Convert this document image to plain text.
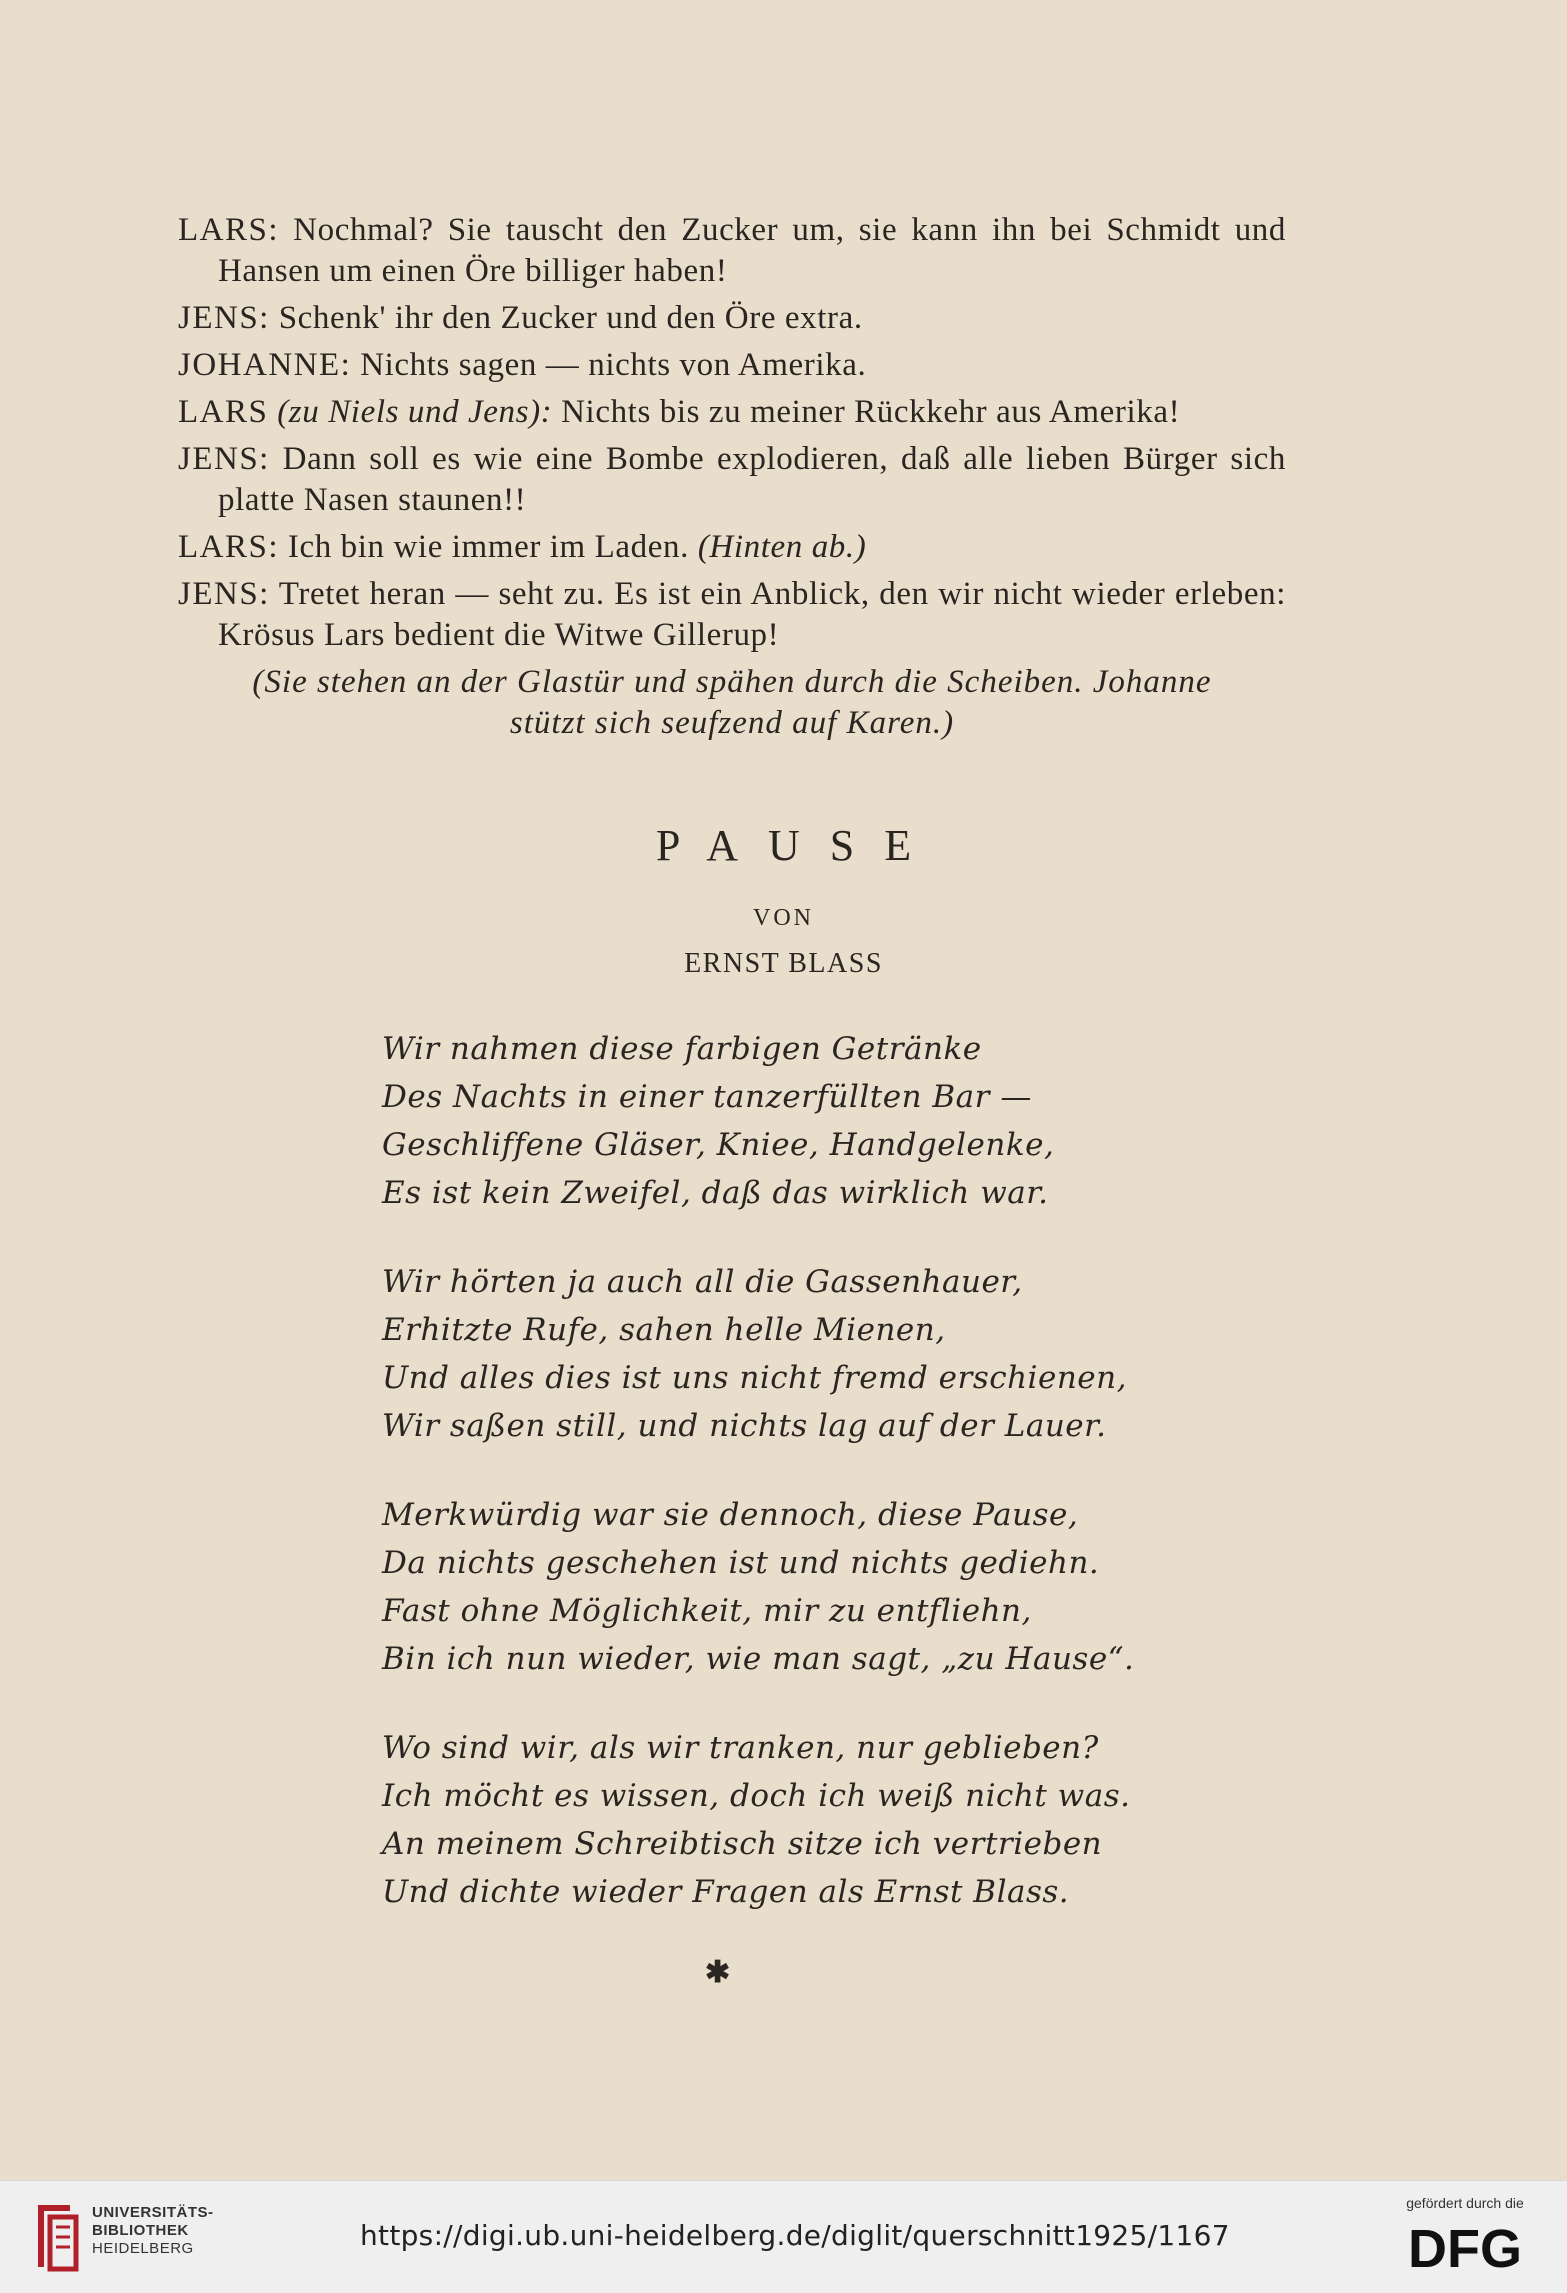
LARS: Nochmal? Sie tauscht den Zucker um, sie kann ihn bei Schmidt und Hansen um einen Öre billiger haben!

JENS: Schenk' ihr den Zucker und den Öre extra.

JOHANNE: Nichts sagen — nichts von Amerika.

LARS (zu Niels und Jens): Nichts bis zu meiner Rückkehr aus Amerika!

JENS: Dann soll es wie eine Bombe explodieren, daß alle lieben Bürger sich platte Nasen staunen!!

LARS: Ich bin wie immer im Laden. (Hinten ab.)

JENS: Tretet heran — seht zu. Es ist ein Anblick, den wir nicht wieder erleben: Krösus Lars bedient die Witwe Gillerup!

(Sie stehen an der Glastür und spähen durch die Scheiben. Johanne
stützt sich seufzend auf Karen.)
PAUSE
VON
ERNST BLASS
Wir nahmen diese farbigen Getränke
Des Nachts in einer tanzerfüllten Bar —
Geschliffene Gläser, Kniee, Handgelenke,
Es ist kein Zweifel, daß das wirklich war.
Wir hörten ja auch all die Gassenhauer,
Erhitzte Rufe, sahen helle Mienen,
Und alles dies ist uns nicht fremd erschienen,
Wir saßen still, und nichts lag auf der Lauer.
Merkwürdig war sie dennoch, diese Pause,
Da nichts geschehen ist und nichts gediehn.
Fast ohne Möglichkeit, mir zu entfliehn,
Bin ich nun wieder, wie man sagt, „zu Hause“.
Wo sind wir, als wir tranken, nur geblieben?
Ich möcht es wissen, doch ich weiß nicht was.
An meinem Schreibtisch sitze ich vertrieben
Und dichte wieder Fragen als Ernst Blass.
✱
UNIVERSITÄTS-
BIBLIOTHEK
HEIDELBERG	https://digi.ub.uni-heidelberg.de/diglit/querschnitt1925/1167
gefördert durch die
DFG
